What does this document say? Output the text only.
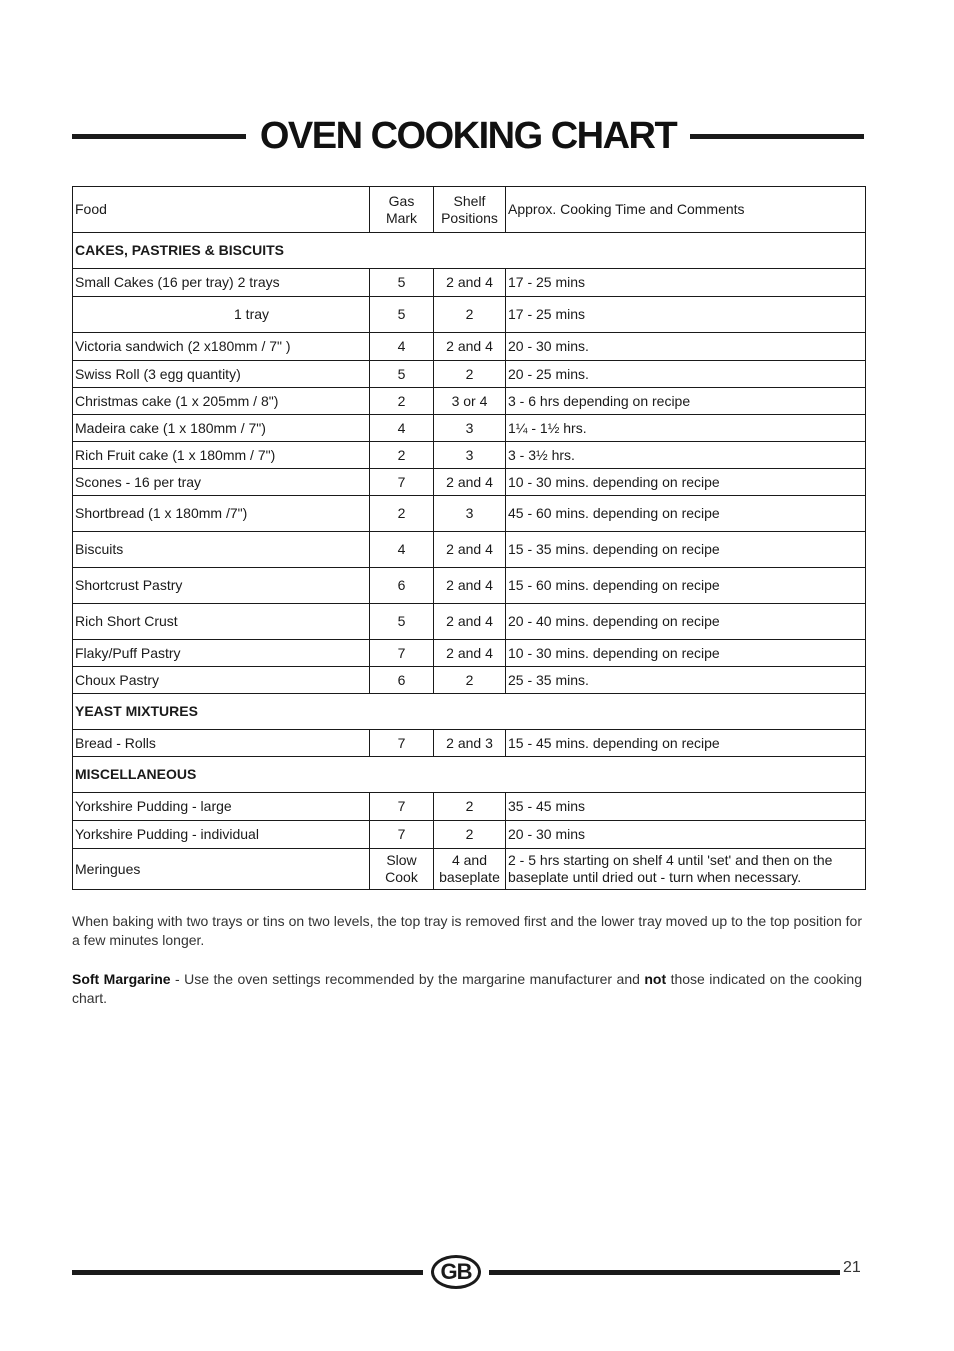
OVEN COOKING CHART
Food	Gas Mark	Shelf Positions	Approx. Cooking Time and Comments
CAKES, PASTRIES & BISCUITS			
Small Cakes (16 per tray) 2 trays	5	2 and 4	17 - 25 mins
1 tray	5	2	17 - 25 mins
Victoria sandwich (2 x180mm / 7" )	4	2 and 4	20 - 30 mins.
Swiss Roll (3 egg quantity)	5	2	20 - 25 mins.
Christmas cake (1 x 205mm / 8")	2	3 or 4	3 - 6 hrs depending on recipe
Madeira cake (1 x 180mm / 7")	4	3	1¼ - 1½ hrs.
Rich Fruit cake (1 x 180mm / 7")	2	3	3 - 3½ hrs.
Scones - 16 per tray	7	2 and 4	10 - 30 mins. depending on recipe
Shortbread (1 x 180mm /7")	2	3	45 - 60 mins. depending on recipe
Biscuits	4	2 and 4	15 - 35 mins. depending on recipe
Shortcrust Pastry	6	2 and 4	15 - 60 mins. depending on recipe
Rich Short Crust	5	2 and 4	20 - 40 mins. depending on recipe
Flaky/Puff Pastry	7	2 and 4	10 - 30 mins. depending on recipe
Choux Pastry	6	2	25 - 35 mins.
YEAST MIXTURES			
Bread - Rolls	7	2 and 3	15 - 45 mins. depending on recipe
MISCELLANEOUS			
Yorkshire Pudding - large	7	2	35 - 45 mins
Yorkshire Pudding - individual	7	2	20 - 30 mins
Meringues	Slow Cook	4 and baseplate	2 - 5 hrs starting on shelf 4 until 'set' and then on the baseplate until dried out - turn when necessary.
When baking with two trays or tins on two levels, the top tray is removed first and the lower tray moved up to the top position for a few minutes longer.
Soft Margarine - Use the oven settings recommended by the margarine manufacturer and not those indicated on the cooking chart.
GB	21
